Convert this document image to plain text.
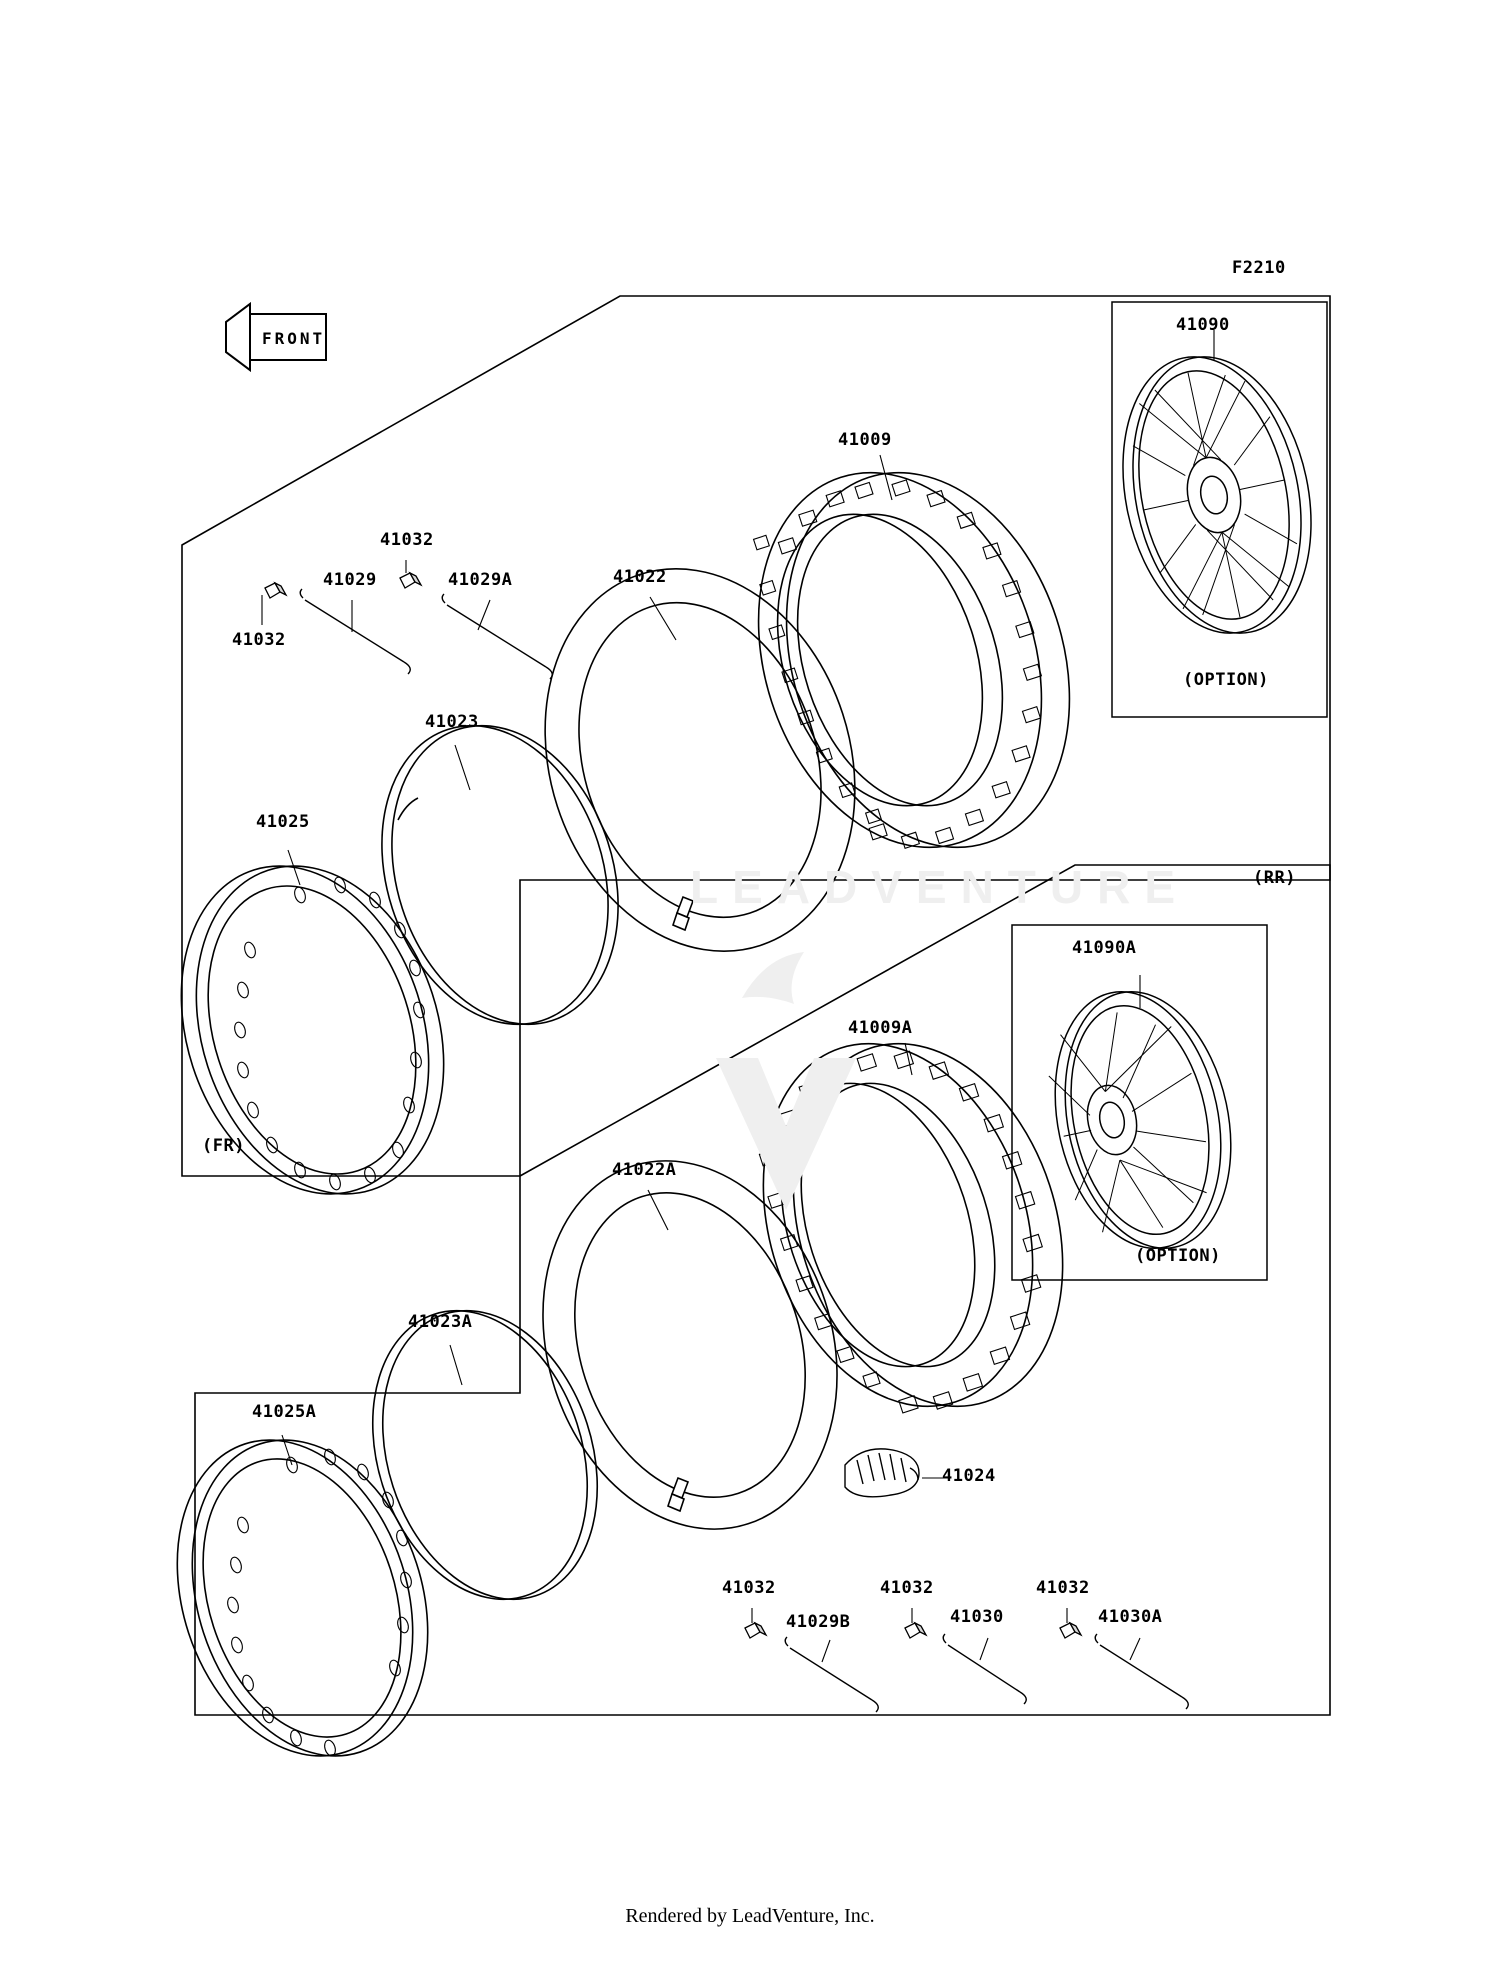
FRONT
F2210
41090
(OPTION)
(RR)
41090A
(OPTION)
41032
41032
41029	41029A	41022
41009
41023
41025
(FR)
41009A
41022A
41023A
41025A
41024
41032
41029B
41032
41030
41032
41030A
LEADVENTURE
Rendered by LeadVenture, Inc.
